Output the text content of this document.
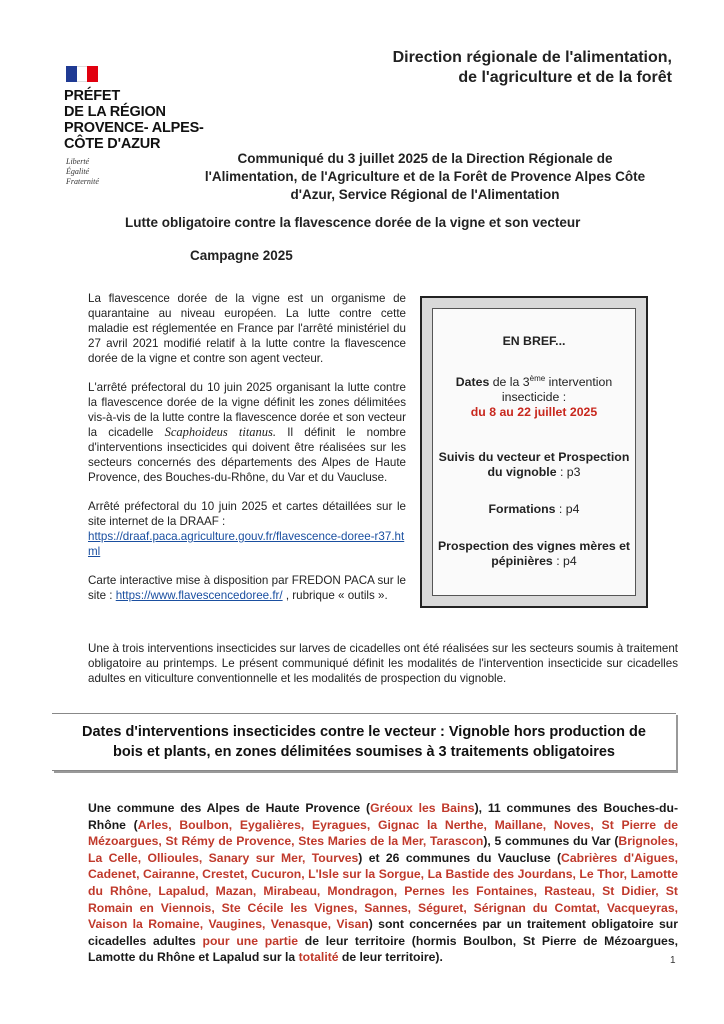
PRÉFET
DE LA RÉGION
PROVENCE- ALPES-
CÔTE D'AZUR
Liberté
Égalité
Fraternité
Direction régionale de l'alimentation,
de l'agriculture et de la forêt
Communiqué du 3 juillet 2025 de la Direction Régionale de
l'Alimentation, de l'Agriculture et de la Forêt de Provence Alpes Côte
d'Azur, Service Régional de l'Alimentation
Lutte obligatoire contre la flavescence dorée de la vigne et son vecteur
Campagne 2025

La flavescence dorée de la vigne est un organisme de quarantaine au niveau européen. La lutte contre cette maladie est réglementée en France par l'arrêté ministériel du 27 avril 2021 modifié relatif à la lutte contre la flavescence dorée de la vigne et contre son agent vecteur.

L'arrêté préfectoral du 10 juin 2025 organisant la lutte contre la flavescence dorée de la vigne définit les zones délimitées vis-à-vis de la lutte contre la flavescence dorée et son vecteur la cicadelle Scaphoideus titanus. Il définit le nombre d'interventions insecticides qui doivent être réalisées sur les secteurs concernés des départements des Alpes de Haute Provence, des Bouches-du-Rhône, du Var et du Vaucluse.

Arrêté préfectoral du 10 juin 2025 et cartes détaillées sur le site internet de la DRAAF :
https://draaf.paca.agriculture.gouv.fr/flavescence-doree-r37.html

Carte interactive mise à disposition par FREDON PACA sur le site : https://www.flavescencedoree.fr/ , rubrique « outils ».

EN BREF...
Dates de la 3ème intervention insecticide :
du 8 au 22 juillet 2025
Suivis du vecteur et Prospection du vignoble : p3
Formations : p4
Prospection des vignes mères et pépinières : p4
Une à trois interventions insecticides sur larves de cicadelles ont été réalisées sur les secteurs soumis à traitement obligatoire au printemps. Le présent communiqué définit les modalités de l'intervention insecticide sur cicadelles adultes en viticulture conventionnelle et les modalités de prospection du vignoble.
Dates d'interventions insecticides contre le vecteur : Vignoble hors production de
bois et plants, en zones délimitées soumises à 3 traitements obligatoires
Une commune des Alpes de Haute Provence (Gréoux les Bains), 11 communes des Bouches-du-Rhône (Arles, Boulbon, Eygalières, Eyragues, Gignac la Nerthe, Maillane, Noves, St Pierre de Mézoargues, St Rémy de Provence, Stes Maries de la Mer, Tarascon), 5 communes du Var (Brignoles, La Celle, Ollioules, Sanary sur Mer, Tourves) et 26 communes du Vaucluse (Cabrières d'Aigues, Cadenet, Cairanne, Crestet, Cucuron, L'Isle sur la Sorgue, La Bastide des Jourdans, Le Thor, Lamotte du Rhône, Lapalud, Mazan, Mirabeau, Mondragon, Pernes les Fontaines, Rasteau, St Didier, St Romain en Viennois, Ste Cécile les Vignes, Sannes, Séguret, Sérignan du Comtat, Vacqueyras, Vaison la Romaine, Vaugines, Venasque, Visan) sont concernées par un traitement obligatoire sur cicadelles adultes pour une partie de leur territoire (hormis Boulbon, St Pierre de Mézoargues, Lamotte du Rhône et Lapalud sur la totalité de leur territoire).	1
